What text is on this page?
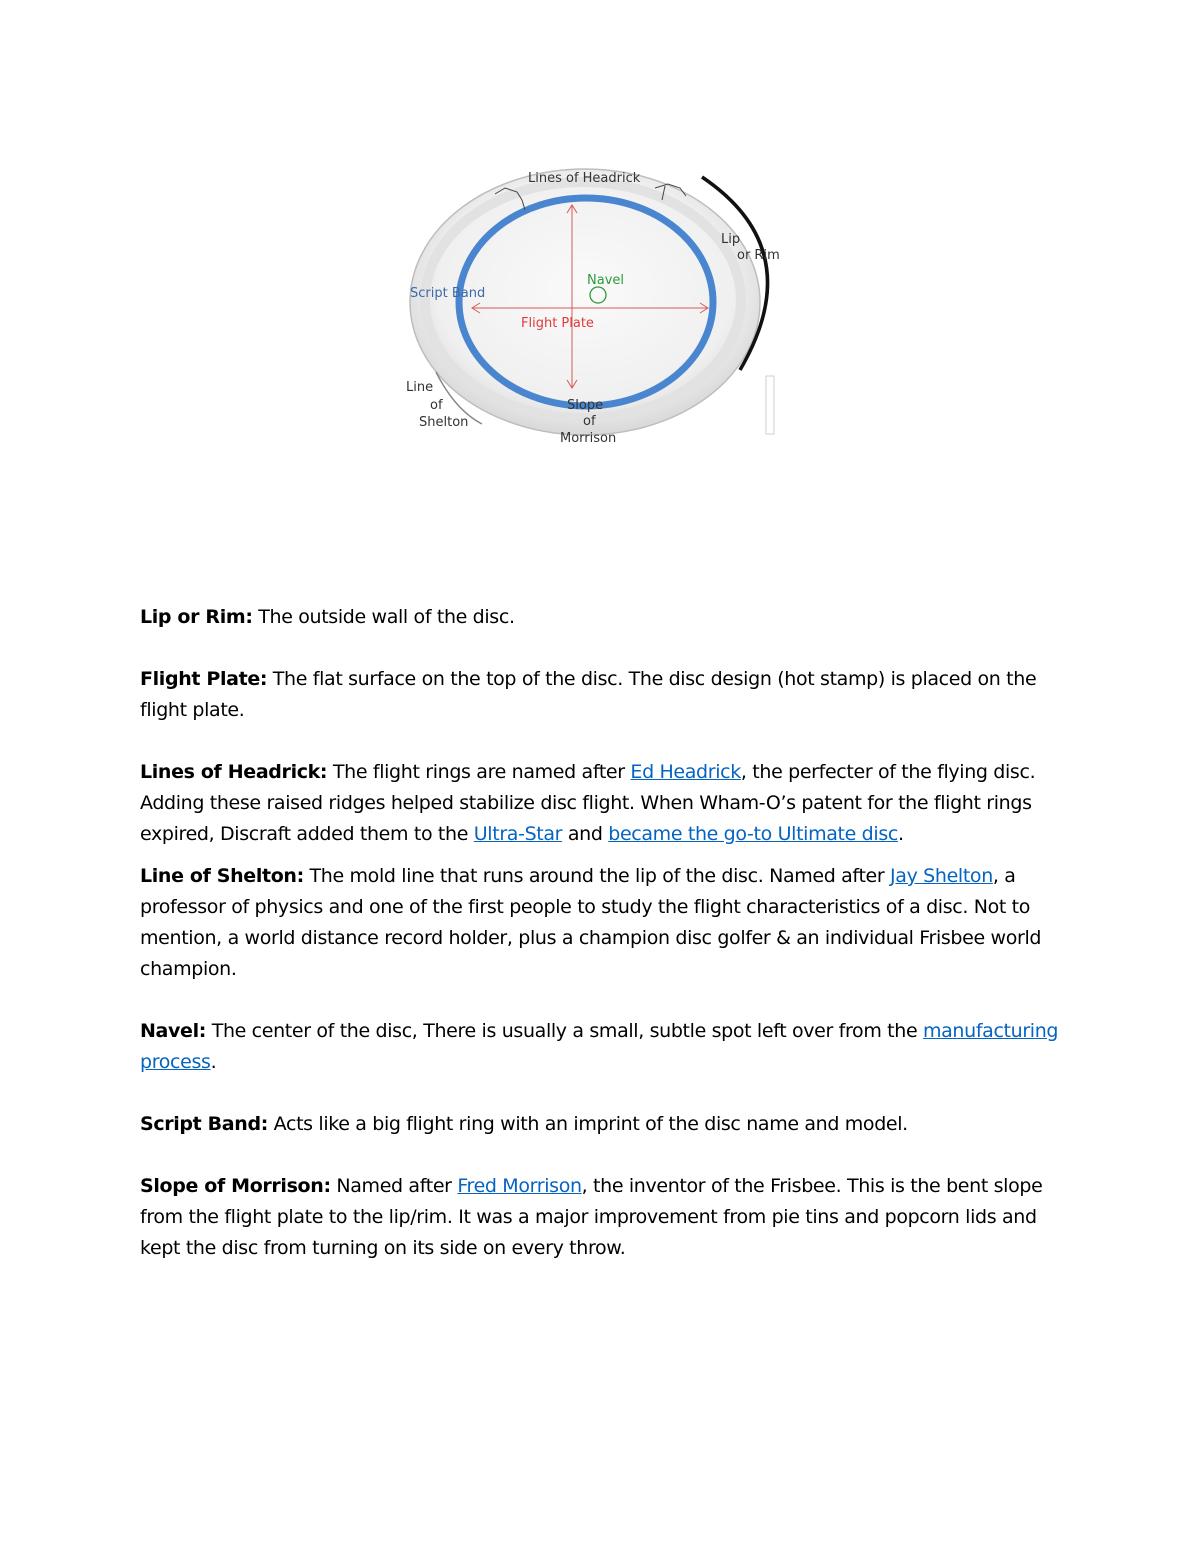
Lines of Headrick
Lip
or Rim
Navel
Script Band
Flight Plate
Line
of
Shelton
Slope
of
Morrison

Lip or Rim: The outside wall of the disc.

Flight Plate: The flat surface on the top of the disc. The disc design (hot stamp) is placed on the flight plate.

Lines of Headrick: The flight rings are named after Ed Headrick, the perfecter of the flying disc. Adding these raised ridges helped stabilize disc flight. When Wham-O’s patent for the flight rings expired, Discraft added them to the Ultra-Star and became the go-to Ultimate disc.

Line of Shelton: The mold line that runs around the lip of the disc. Named after Jay Shelton, a professor of physics and one of the first people to study the flight characteristics of a disc. Not to mention, a world distance record holder, plus a champion disc golfer & an individual Frisbee world champion.

Navel: The center of the disc, There is usually a small, subtle spot left over from the manufacturing process.

Script Band: Acts like a big flight ring with an imprint of the disc name and model.

Slope of Morrison: Named after Fred Morrison, the inventor of the Frisbee. This is the bent slope from the flight plate to the lip/rim. It was a major improvement from pie tins and popcorn lids and kept the disc from turning on its side on every throw.
